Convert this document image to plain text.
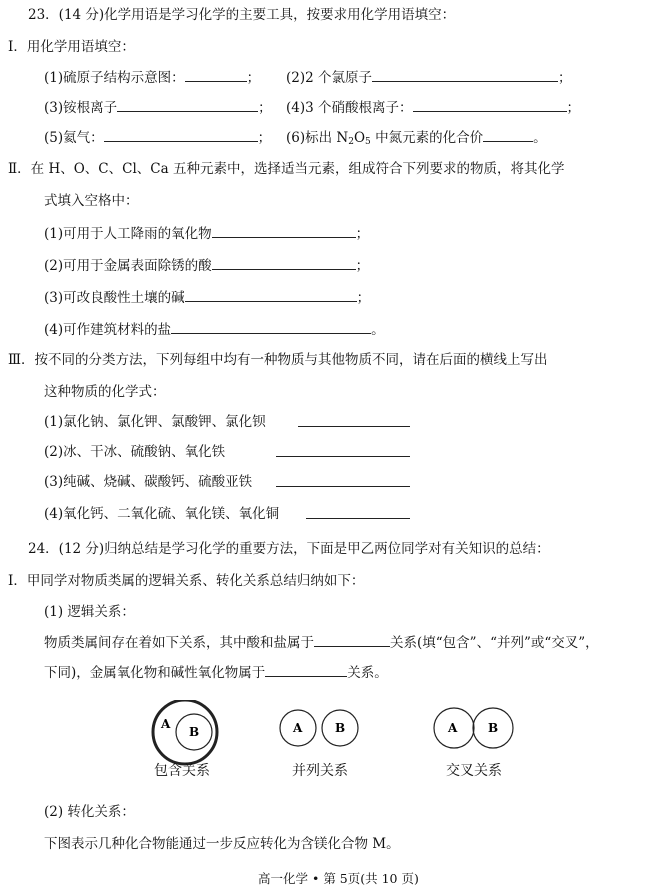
23．(14 分)化学用语是学习化学的主要工具，按要求用化学用语填空：
Ⅰ．用化学用语填空：
(1)硫原子结构示意图：	； (2)2 个氯原子	；
(3)铵根离子	； (4)3 个硝酸根离子：	；
(5)氦气：	； (6)标出 $N_2O_5$ 中氮元素的化合价	。
Ⅱ．在 H、O、C、Cl、Ca 五种元素中，选择适当元素，组成符合下列要求的物质，将其化学
式填入空格中：
(1)可用于人工降雨的氧化物	；
(2)可用于金属表面除锈的酸	；
(3)可改良酸性土壤的碱	；
(4)可作建筑材料的盐	。
Ⅲ．按不同的分类方法，下列每组中均有一种物质与其他物质不同，请在后面的横线上写出
这种物质的化学式：
(1)氯化钠、氯化钾、氯酸钾、氯化钡
(2)冰、干冰、硫酸钠、氧化铁
(3)纯碱、烧碱、碳酸钙、硫酸亚铁
(4)氧化钙、二氧化硫、氧化镁、氧化铜
24．(12 分)归纳总结是学习化学的重要方法，下面是甲乙两位同学对有关知识的总结：
Ⅰ．甲同学对物质类属的逻辑关系、转化关系总结归纳如下：
(1) 逻辑关系：
物质类属间存在着如下关系，其中酸和盐属于	关系(填“包含”、“并列”或“交叉”，
下同)，金属氧化物和碱性氧化物属于	关系。
A
B	A	B	A	B
包含关系	并列关系	交叉关系
(2) 转化关系：
下图表示几种化合物能通过一步反应转化为含镁化合物 M。
高一化学 • 第 5页(共 10 页)
